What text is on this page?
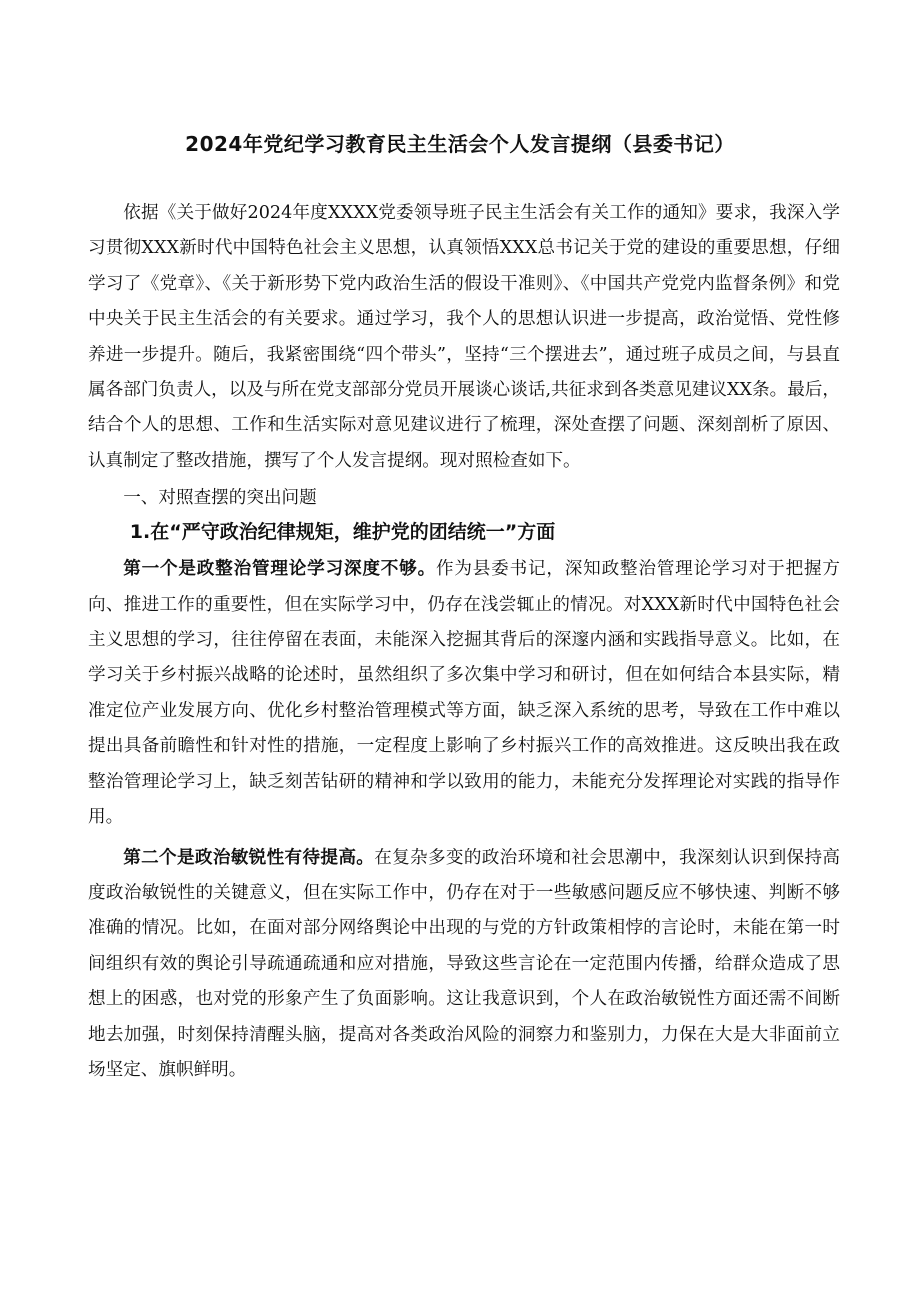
2024年党纪学习教育民主生活会个人发言提纲（县委书记）

依据《关于做好2024年度XXXX党委领导班子民主生活会有关工作的通知》要求，我深入学习贯彻XXX新时代中国特色社会主义思想，认真领悟XXX总书记关于党的建设的重要思想，仔细学习了《党章》、《关于新形势下党内政治生活的假设干准则》、《中国共产党党内监督条例》和党中央关于民主生活会的有关要求。通过学习，我个人的思想认识进一步提高，政治觉悟、党性修养进一步提升。随后，我紧密围绕“四个带头”，坚持“三个摆进去”，通过班子成员之间，与县直属各部门负责人，以及与所在党支部部分党员开展谈心谈话,共征求到各类意见建议XX条。最后，结合个人的思想、工作和生活实际对意见建议进行了梳理，深处查摆了问题、深刻剖析了原因、认真制定了整改措施，撰写了个人发言提纲。现对照检查如下。

一、对照查摆的突出问题

1.在“严守政治纪律规矩，维护党的团结统一”方面

第一个是政整治管理论学习深度不够。作为县委书记，深知政整治管理论学习对于把握方向、推进工作的重要性，但在实际学习中，仍存在浅尝辄止的情况。对XXX新时代中国特色社会主义思想的学习，往往停留在表面，未能深入挖掘其背后的深邃内涵和实践指导意义。比如，在学习关于乡村振兴战略的论述时，虽然组织了多次集中学习和研讨，但在如何结合本县实际，精准定位产业发展方向、优化乡村整治管理模式等方面，缺乏深入系统的思考，导致在工作中难以提出具备前瞻性和针对性的措施，一定程度上影响了乡村振兴工作的高效推进。这反映出我在政整治管理论学习上，缺乏刻苦钻研的精神和学以致用的能力，未能充分发挥理论对实践的指导作用。

第二个是政治敏锐性有待提高。在复杂多变的政治环境和社会思潮中，我深刻认识到保持高度政治敏锐性的关键意义，但在实际工作中，仍存在对于一些敏感问题反应不够快速、判断不够准确的情况。比如，在面对部分网络舆论中出现的与党的方针政策相悖的言论时，未能在第一时间组织有效的舆论引导疏通疏通和应对措施，导致这些言论在一定范围内传播，给群众造成了思想上的困惑，也对党的形象产生了负面影响。这让我意识到，个人在政治敏锐性方面还需不间断地去加强，时刻保持清醒头脑，提高对各类政治风险的洞察力和鉴别力，力保在大是大非面前立场坚定、旗帜鲜明。
